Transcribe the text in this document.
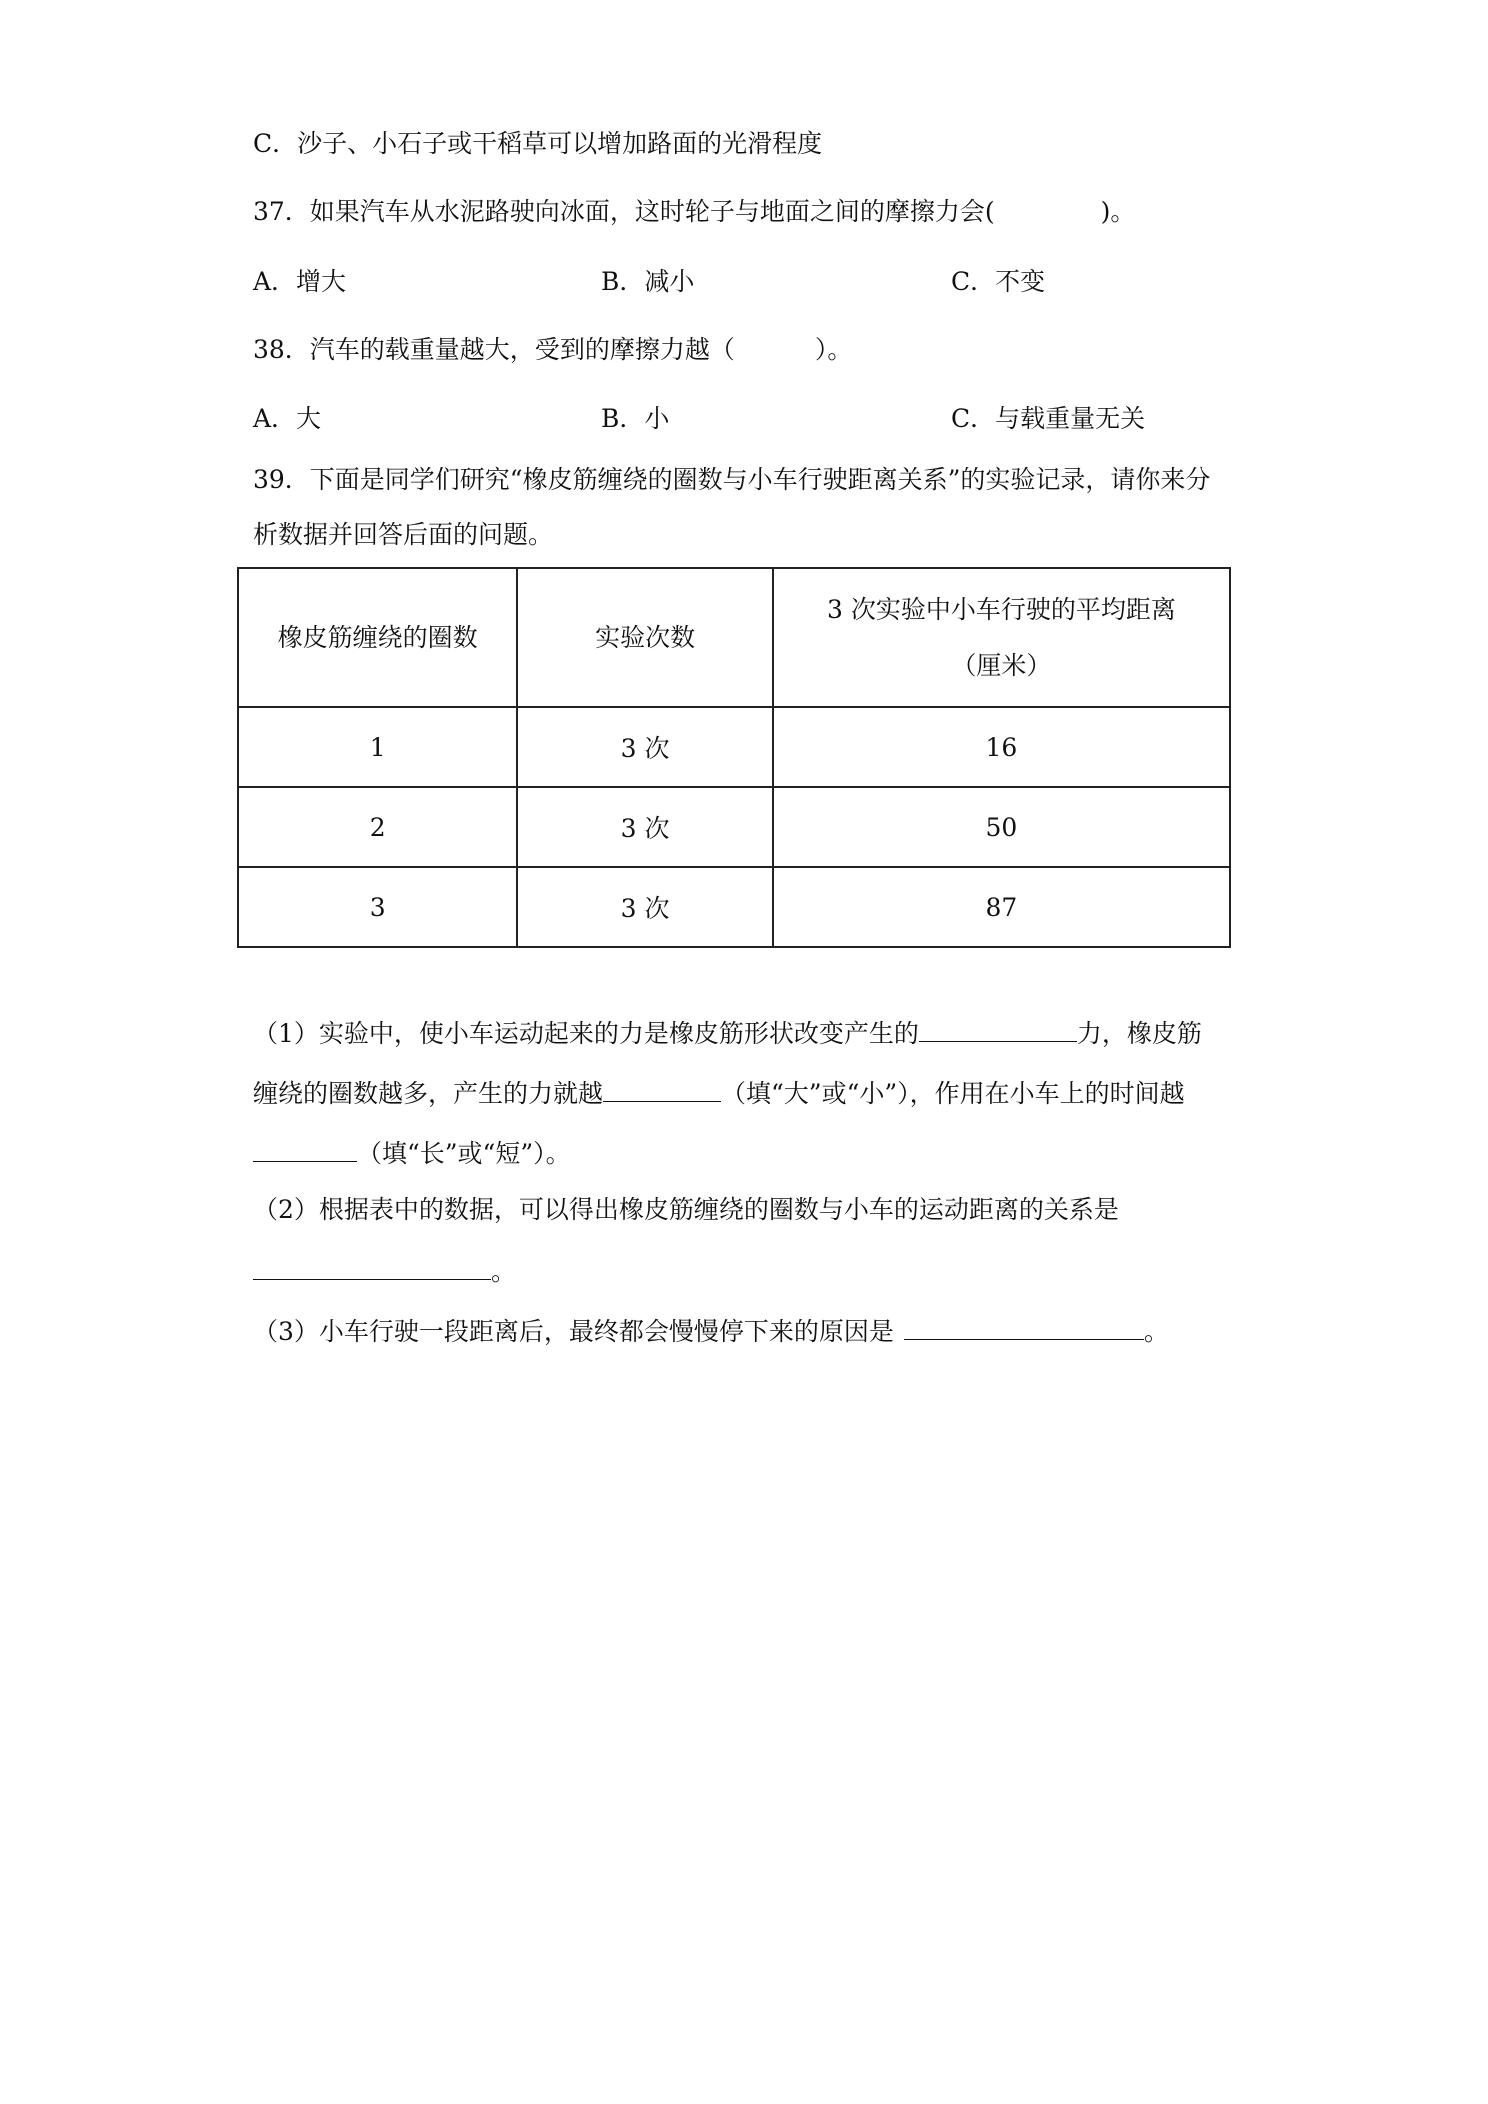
C．沙子、小石子或干稻草可以增加路面的光滑程度
37．如果汽车从水泥路驶向冰面，这时轮子与地面之间的摩擦力会(	)。
A．增大	B．减小	C．不变
38．汽车的载重量越大，受到的摩擦力越（	）。
A．大	B．小	C．与载重量无关
39．下面是同学们研究“橡皮筋缠绕的圈数与小车行驶距离关系”的实验记录，请你来分
析数据并回答后面的问题。
橡皮筋缠绕的圈数	实验次数	3 次实验中小车行驶的平均距离（厘米）
1	3 次	16
2	3 次	50
3	3 次	87
（1）实验中，使小车运动起来的力是橡皮筋形状改变产生的	力，橡皮筋
缠绕的圈数越多，产生的力就越	（填“大”或“小”），作用在小车上的时间越
（填“长”或“短”）。
（2）根据表中的数据，可以得出橡皮筋缠绕的圈数与小车的运动距离的关系是
。
（3）小车行驶一段距离后，最终都会慢慢停下来的原因是	。
